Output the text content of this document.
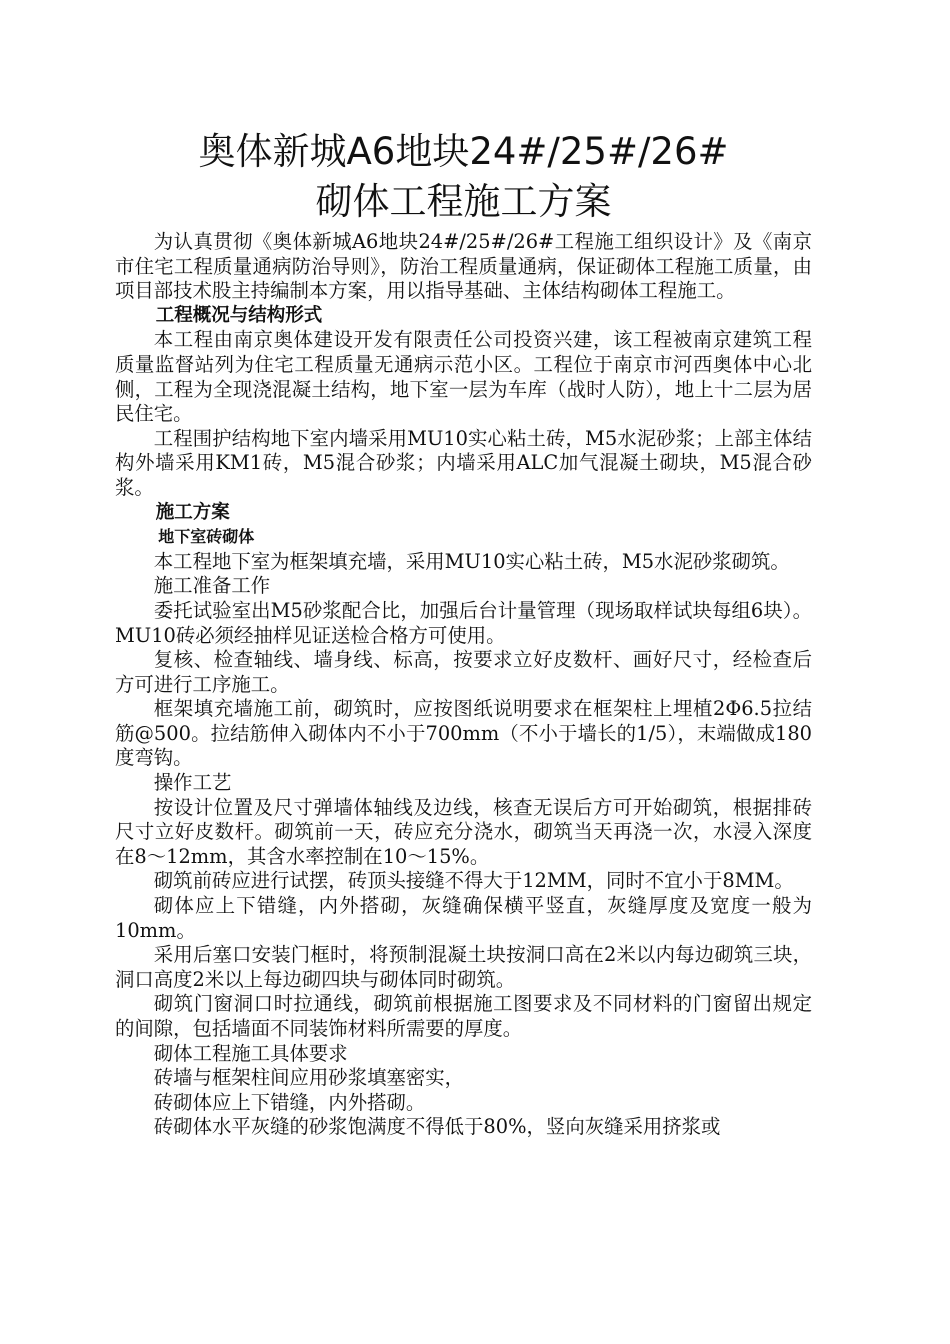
奥体新城A6地块24#/25#/26#
砌体工程施工方案

为认真贯彻《奥体新城A6地块24#/25#/26#工程施工组织设计》及《南京市住宅工程质量通病防治导则》，防治工程质量通病，保证砌体工程施工质量，由项目部技术股主持编制本方案，用以指导基础、主体结构砌体工程施工。

工程概况与结构形式

本工程由南京奥体建设开发有限责任公司投资兴建，该工程被南京建筑工程质量监督站列为住宅工程质量无通病示范小区。工程位于南京市河西奥体中心北侧，工程为全现浇混凝土结构，地下室一层为车库（战时人防），地上十二层为居民住宅。

工程围护结构地下室内墙采用MU10实心粘土砖，M5水泥砂浆；上部主体结构外墙采用KM1砖，M5混合砂浆；内墙采用ALC加气混凝土砌块，M5混合砂浆。

施工方案
地下室砖砌体

本工程地下室为框架填充墙，采用MU10实心粘土砖，M5水泥砂浆砌筑。

施工准备工作

委托试验室出M5砂浆配合比，加强后台计量管理（现场取样试块每组6块）。MU10砖必须经抽样见证送检合格方可使用。

复核、检查轴线、墙身线、标高，按要求立好皮数杆、画好尺寸，经检查后方可进行工序施工。

框架填充墙施工前，砌筑时，应按图纸说明要求在框架柱上埋植2Φ6.5拉结筋@500。拉结筋伸入砌体内不小于700mm（不小于墙长的1/5），末端做成180度弯钩。

操作工艺

按设计位置及尺寸弹墙体轴线及边线，核查无误后方可开始砌筑，根据排砖尺寸立好皮数杆。砌筑前一天，砖应充分浇水，砌筑当天再浇一次，水浸入深度在8～12mm，其含水率控制在10～15%。

砌筑前砖应进行试摆，砖顶头接缝不得大于12MM，同时不宜小于8MM。

砌体应上下错缝，内外搭砌，灰缝确保横平竖直，灰缝厚度及宽度一般为10mm。

采用后塞口安装门框时，将预制混凝土块按洞口高在2米以内每边砌筑三块，洞口高度2米以上每边砌四块与砌体同时砌筑。

砌筑门窗洞口时拉通线，砌筑前根据施工图要求及不同材料的门窗留出规定的间隙，包括墙面不同装饰材料所需要的厚度。

砌体工程施工具体要求

砖墙与框架柱间应用砂浆填塞密实，

砖砌体应上下错缝，内外搭砌。

砖砌体水平灰缝的砂浆饱满度不得低于80%，竖向灰缝采用挤浆或
